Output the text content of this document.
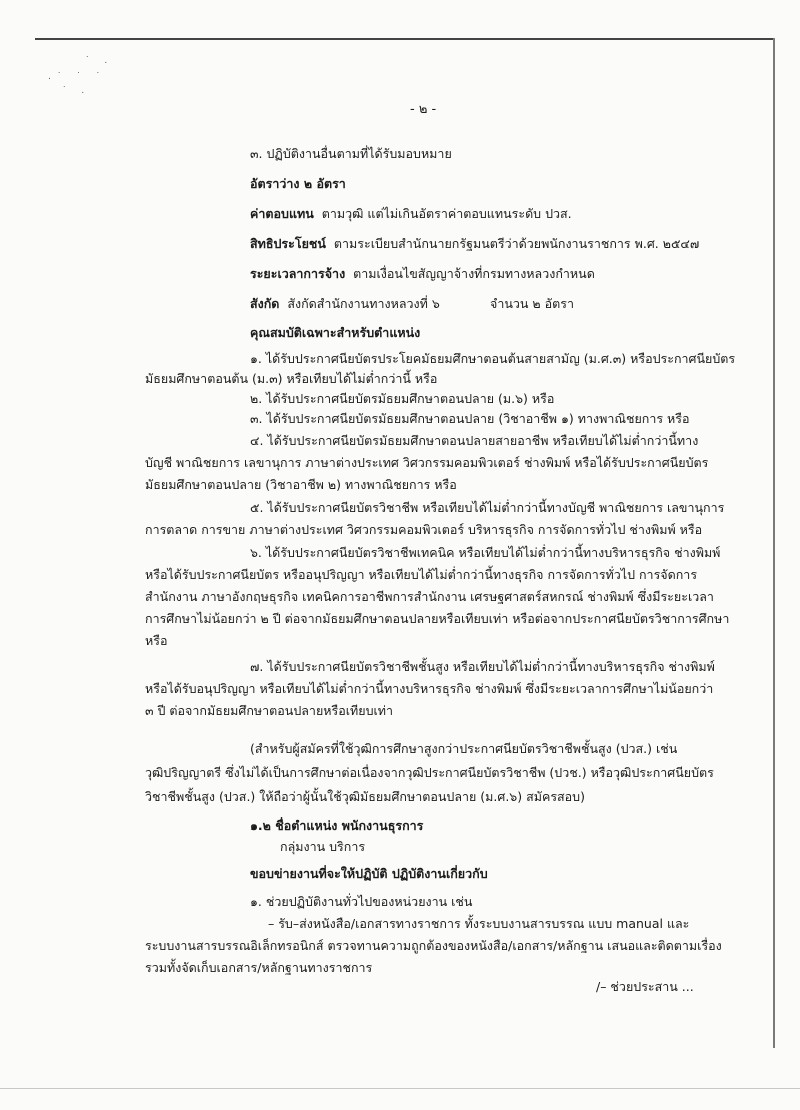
˙ .
.˙ ˙ ˙
˙ .
- ๒ -
๓. ปฏิบัติงานอื่นตามที่ได้รับมอบหมาย
อัตราว่าง ๒ อัตรา
ค่าตอบแทน ตามวุฒิ แต่ไม่เกินอัตราค่าตอบแทนระดับ ปวส.
สิทธิประโยชน์ ตามระเบียบสำนักนายกรัฐมนตรีว่าด้วยพนักงานราชการ พ.ศ. ๒๕๔๗
ระยะเวลาการจ้าง ตามเงื่อนไขสัญญาจ้างที่กรมทางหลวงกำหนด
สังกัด สังกัดสำนักงานทางหลวงที่ ๖	จำนวน ๒ อัตรา
คุณสมบัติเฉพาะสำหรับตำแหน่ง
๑. ได้รับประกาศนียบัตรประโยคมัธยมศึกษาตอนต้นสายสามัญ (ม.ศ.๓) หรือประกาศนียบัตร
มัธยมศึกษาตอนต้น (ม.๓) หรือเทียบได้ไม่ต่ำกว่านี้ หรือ
๒. ได้รับประกาศนียบัตรมัธยมศึกษาตอนปลาย (ม.๖) หรือ
๓. ได้รับประกาศนียบัตรมัธยมศึกษาตอนปลาย (วิชาอาชีพ ๑) ทางพาณิชยการ หรือ
๔. ได้รับประกาศนียบัตรมัธยมศึกษาตอนปลายสายอาชีพ หรือเทียบได้ไม่ต่ำกว่านี้ทาง
บัญชี พาณิชยการ เลขานุการ ภาษาต่างประเทศ วิศวกรรมคอมพิวเตอร์ ช่างพิมพ์ หรือได้รับประกาศนียบัตร
มัธยมศึกษาตอนปลาย (วิชาอาชีพ ๒) ทางพาณิชยการ หรือ
๕. ได้รับประกาศนียบัตรวิชาชีพ หรือเทียบได้ไม่ต่ำกว่านี้ทางบัญชี พาณิชยการ เลขานุการ
การตลาด การขาย ภาษาต่างประเทศ วิศวกรรมคอมพิวเตอร์ บริหารธุรกิจ การจัดการทั่วไป ช่างพิมพ์ หรือ
๖. ได้รับประกาศนียบัตรวิชาชีพเทคนิค หรือเทียบได้ไม่ต่ำกว่านี้ทางบริหารธุรกิจ ช่างพิมพ์
หรือได้รับประกาศนียบัตร หรืออนุปริญญา หรือเทียบได้ไม่ต่ำกว่านี้ทางธุรกิจ การจัดการทั่วไป การจัดการ
สำนักงาน ภาษาอังกฤษธุรกิจ เทคนิคการอาชีพการสำนักงาน เศรษฐศาสตร์สหกรณ์ ช่างพิมพ์ ซึ่งมีระยะเวลา
การศึกษาไม่น้อยกว่า ๒ ปี ต่อจากมัธยมศึกษาตอนปลายหรือเทียบเท่า หรือต่อจากประกาศนียบัตรวิชาการศึกษา
หรือ
๗. ได้รับประกาศนียบัตรวิชาชีพชั้นสูง หรือเทียบได้ไม่ต่ำกว่านี้ทางบริหารธุรกิจ ช่างพิมพ์
หรือได้รับอนุปริญญา หรือเทียบได้ไม่ต่ำกว่านี้ทางบริหารธุรกิจ ช่างพิมพ์ ซึ่งมีระยะเวลาการศึกษาไม่น้อยกว่า
๓ ปี ต่อจากมัธยมศึกษาตอนปลายหรือเทียบเท่า
(สำหรับผู้สมัครที่ใช้วุฒิการศึกษาสูงกว่าประกาศนียบัตรวิชาชีพชั้นสูง (ปวส.) เช่น
วุฒิปริญญาตรี ซึ่งไม่ได้เป็นการศึกษาต่อเนื่องจากวุฒิประกาศนียบัตรวิชาชีพ (ปวช.) หรือวุฒิประกาศนียบัตร
วิชาชีพชั้นสูง (ปวส.) ให้ถือว่าผู้นั้นใช้วุฒิมัธยมศึกษาตอนปลาย (ม.ศ.๖) สมัครสอบ)
๑.๒ ชื่อตำแหน่ง พนักงานธุรการ
กลุ่มงาน บริการ
ขอบข่ายงานที่จะให้ปฏิบัติ ปฏิบัติงานเกี่ยวกับ
๑. ช่วยปฏิบัติงานทั่วไปของหน่วยงาน เช่น
– รับ–ส่งหนังสือ/เอกสารทางราชการ ทั้งระบบงานสารบรรณ แบบ manual และ
ระบบงานสารบรรณอิเล็กทรอนิกส์ ตรวจทานความถูกต้องของหนังสือ/เอกสาร/หลักฐาน เสนอและติดตามเรื่อง
รวมทั้งจัดเก็บเอกสาร/หลักฐานทางราชการ
/– ช่วยประสาน ...
